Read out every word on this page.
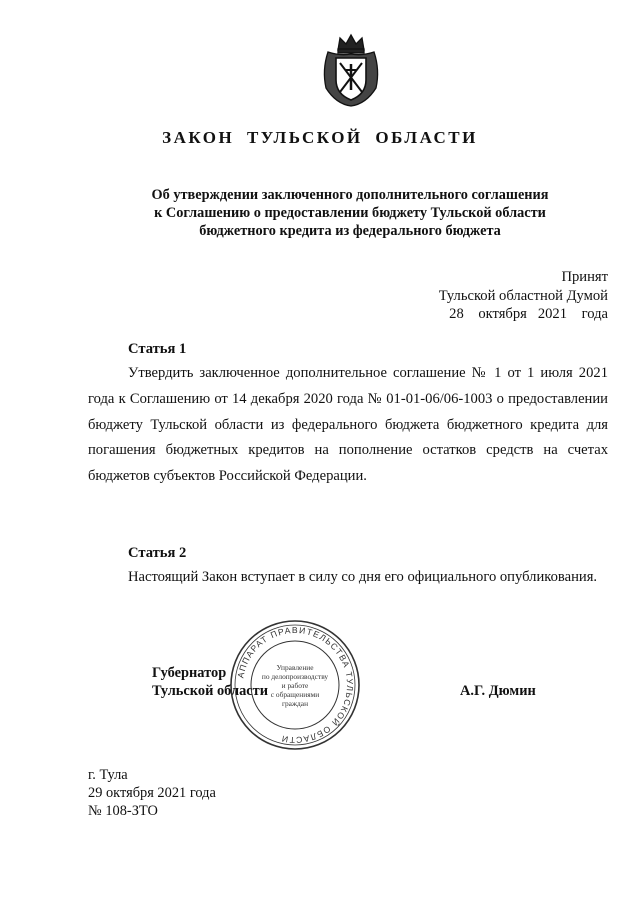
ЗАКОН ТУЛЬСКОЙ ОБЛАСТИ
Об утверждении заключенного дополнительного соглашения
к Соглашению о предоставлении бюджету Тульской области
бюджетного кредита из федерального бюджета
Принят
Тульской областной Думой
28    октября   2021    года
Статья 1
Утвердить заключенное дополнительное соглашение № 1 от 1 июля 2021 года к Соглашению от 14 декабря 2020 года № 01-01-06/06-1003 о предоставлении бюджету Тульской области из федерального бюджета бюджетного кредита для погашения бюджетных кредитов на пополнение остатков средств на счетах бюджетов субъектов Российской Федерации.
Статья 2
Настоящий Закон вступает в силу со дня его официального опубликования.
Губернатор
Тульской области
АППАРАТ ПРАВИТЕЛЬСТВА ТУЛЬСКОЙ ОБЛАСТИ
Управление
по делопроизводству
и работе
с обращениями
граждан
А.Г. Дюмин
г. Тула
29 октября 2021 года
№ 108-ЗТО
